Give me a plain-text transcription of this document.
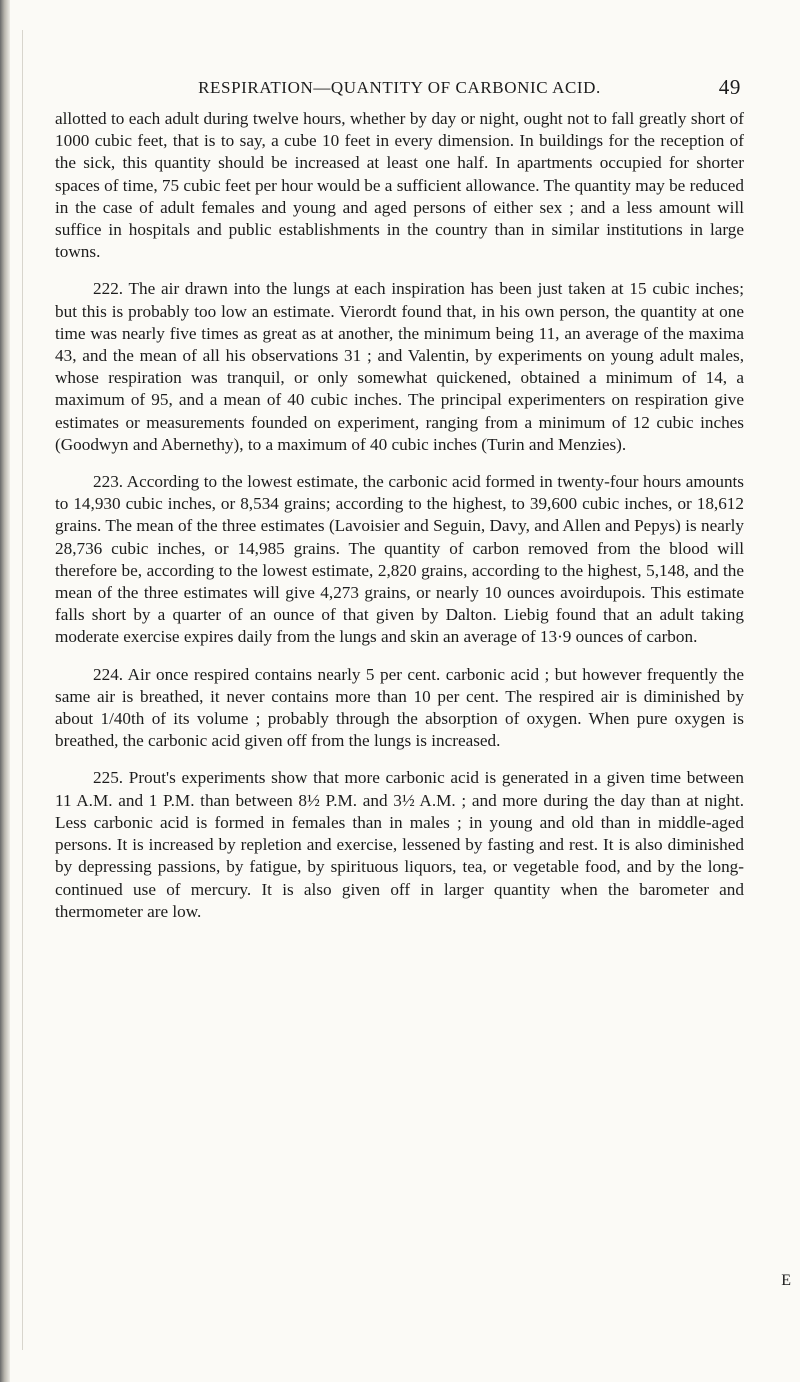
RESPIRATION—QUANTITY OF CARBONIC ACID.	49

allotted to each adult during twelve hours, whether by day or night, ought not to fall greatly short of 1000 cubic feet, that is to say, a cube 10 feet in every dimension. In buildings for the reception of the sick, this quantity should be increased at least one half. In apartments occupied for shorter spaces of time, 75 cubic feet per hour would be a sufficient allowance. The quantity may be reduced in the case of adult females and young and aged persons of either sex ; and a less amount will suffice in hospitals and public establishments in the country than in similar institutions in large towns.

222. The air drawn into the lungs at each inspiration has been just taken at 15 cubic inches; but this is probably too low an estimate. Vierordt found that, in his own person, the quantity at one time was nearly five times as great as at another, the minimum being 11, an average of the maxima 43, and the mean of all his observations 31 ; and Valentin, by experiments on young adult males, whose respiration was tranquil, or only somewhat quickened, obtained a minimum of 14, a maximum of 95, and a mean of 40 cubic inches. The principal experimenters on respiration give estimates or measurements founded on experiment, ranging from a minimum of 12 cubic inches (Goodwyn and Abernethy), to a maximum of 40 cubic inches (Turin and Menzies).

223. According to the lowest estimate, the carbonic acid formed in twenty-four hours amounts to 14,930 cubic inches, or 8,534 grains; according to the highest, to 39,600 cubic inches, or 18,612 grains. The mean of the three estimates (Lavoisier and Seguin, Davy, and Allen and Pepys) is nearly 28,736 cubic inches, or 14,985 grains. The quantity of carbon removed from the blood will therefore be, according to the lowest estimate, 2,820 grains, according to the highest, 5,148, and the mean of the three estimates will give 4,273 grains, or nearly 10 ounces avoirdupois. This estimate falls short by a quarter of an ounce of that given by Dalton. Liebig found that an adult taking moderate exercise expires daily from the lungs and skin an average of 13·9 ounces of carbon.

224. Air once respired contains nearly 5 per cent. carbonic acid ; but however frequently the same air is breathed, it never contains more than 10 per cent. The respired air is diminished by about 1/40th of its volume ; probably through the absorption of oxygen. When pure oxygen is breathed, the carbonic acid given off from the lungs is increased.

225. Prout's experiments show that more carbonic acid is generated in a given time between 11 A.M. and 1 P.M. than between 8½ P.M. and 3½ A.M. ; and more during the day than at night. Less carbonic acid is formed in females than in males ; in young and old than in middle-aged persons. It is increased by repletion and exercise, lessened by fasting and rest. It is also diminished by depressing passions, by fatigue, by spirituous liquors, tea, or vegetable food, and by the long-continued use of mercury. It is also given off in larger quantity when the barometer and thermometer are low.

E
